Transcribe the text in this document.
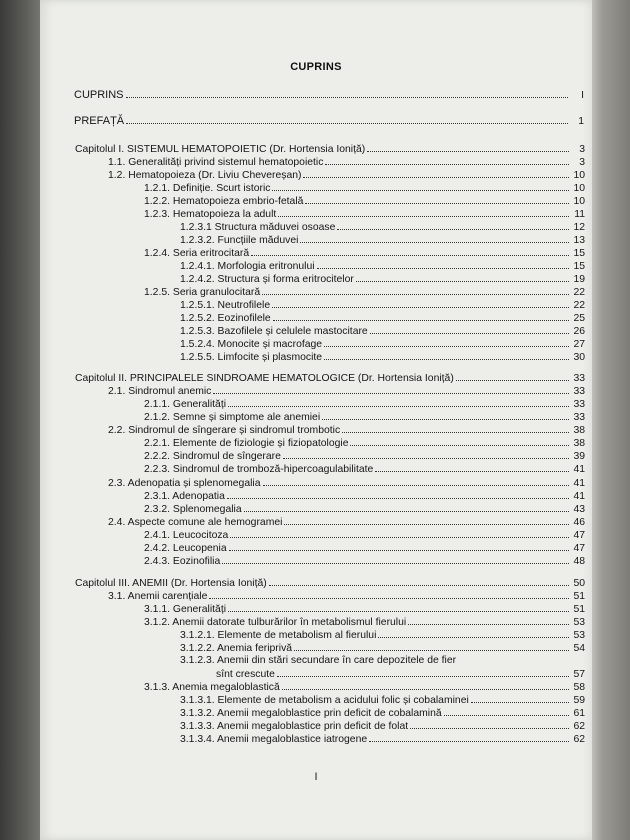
CUPRINS
CUPRINS	I
PREFAȚĂ	1
Capitolul I. SISTEMUL HEMATOPOIETIC (Dr. Hortensia Ioniță)	3
1.1. Generalități privind sistemul hematopoietic	3
1.2. Hematopoieza (Dr. Liviu Chevereșan)	10
1.2.1. Definiție. Scurt istoric	10
1.2.2. Hematopoieza embrio-fetală	10
1.2.3. Hematopoieza la adult	11
1.2.3.1 Structura măduvei osoase	12
1.2.3.2. Funcțiile măduvei	13
1.2.4. Seria eritrocitară	15
1.2.4.1. Morfologia eritronului	15
1.2.4.2. Structura și forma eritrocitelor	19
1.2.5. Seria granulocitară	22
1.2.5.1. Neutrofilele	22
1.2.5.2. Eozinofilele	25
1.2.5.3. Bazofilele și celulele mastocitare	26
1.5.2.4. Monocite și macrofage	27
1.2.5.5. Limfocite și plasmocite	30
Capitolul II. PRINCIPALELE SINDROAME HEMATOLOGICE (Dr. Hortensia Ioniță)	33
2.1. Sindromul anemic	33
2.1.1. Generalități	33
2.1.2. Semne și simptome ale anemiei	33
2.2. Sindromul de sîngerare și sindromul trombotic	38
2.2.1. Elemente de fiziologie și fiziopatologie	38
2.2.2. Sindromul de sîngerare	39
2.2.3. Sindromul de tromboză-hipercoagulabilitate	41
2.3. Adenopatia și splenomegalia	41
2.3.1. Adenopatia	41
2.3.2. Splenomegalia	43
2.4. Aspecte comune ale hemogramei	46
2.4.1. Leucocitoza	47
2.4.2. Leucopenia	47
2.4.3. Eozinofilia	48
Capitolul III. ANEMII (Dr. Hortensia Ioniță)	50
3.1. Anemii carențiale	51
3.1.1. Generalități	51
3.1.2. Anemii datorate tulburărilor în metabolismul fierului	53
3.1.2.1. Elemente de metabolism al fierului	53
3.1.2.2. Anemia feriprivă	54
3.1.2.3. Anemii din stări secundare în care depozitele de fier
sînt crescute	57
3.1.3. Anemia megaloblastică	58
3.1.3.1. Elemente de metabolism a acidului folic și cobalaminei	59
3.1.3.2. Anemii megaloblastice prin deficit de cobalamină	61
3.1.3.3. Anemii megaloblastice prin deficit de folat	62
3.1.3.4. Anemii megaloblastice iatrogene	62
I
